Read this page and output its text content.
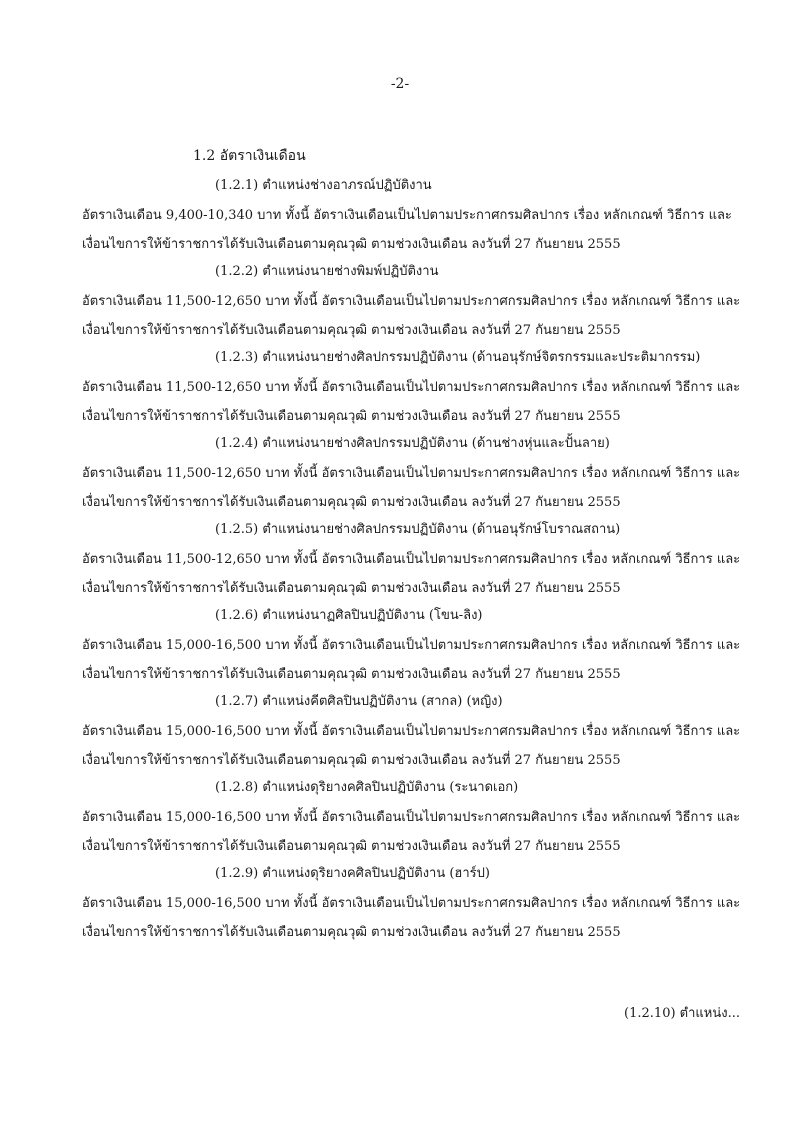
-2-
1.2 อัตราเงินเดือน
(1.2.1) ตำแหน่งช่างอาภรณ์ปฏิบัติงาน
อัตราเงินเดือน 9,400-10,340 บาท ทั้งนี้ อัตราเงินเดือนเป็นไปตามประกาศกรมศิลปากร เรื่อง หลักเกณฑ์ วิธีการ และ
เงื่อนไขการให้ข้าราชการได้รับเงินเดือนตามคุณวุฒิ ตามช่วงเงินเดือน ลงวันที่ 27 กันยายน 2555
(1.2.2) ตำแหน่งนายช่างพิมพ์ปฏิบัติงาน
อัตราเงินเดือน 11,500-12,650 บาท ทั้งนี้ อัตราเงินเดือนเป็นไปตามประกาศกรมศิลปากร เรื่อง หลักเกณฑ์ วิธีการ และ
เงื่อนไขการให้ข้าราชการได้รับเงินเดือนตามคุณวุฒิ ตามช่วงเงินเดือน ลงวันที่ 27 กันยายน 2555
(1.2.3) ตำแหน่งนายช่างศิลปกรรมปฏิบัติงาน (ด้านอนุรักษ์จิตรกรรมและประติมากรรม)
อัตราเงินเดือน 11,500-12,650 บาท ทั้งนี้ อัตราเงินเดือนเป็นไปตามประกาศกรมศิลปากร เรื่อง หลักเกณฑ์ วิธีการ และ
เงื่อนไขการให้ข้าราชการได้รับเงินเดือนตามคุณวุฒิ ตามช่วงเงินเดือน ลงวันที่ 27 กันยายน 2555
(1.2.4) ตำแหน่งนายช่างศิลปกรรมปฏิบัติงาน (ด้านช่างหุ่นและปั้นลาย)
อัตราเงินเดือน 11,500-12,650 บาท ทั้งนี้ อัตราเงินเดือนเป็นไปตามประกาศกรมศิลปากร เรื่อง หลักเกณฑ์ วิธีการ และ
เงื่อนไขการให้ข้าราชการได้รับเงินเดือนตามคุณวุฒิ ตามช่วงเงินเดือน ลงวันที่ 27 กันยายน 2555
(1.2.5) ตำแหน่งนายช่างศิลปกรรมปฏิบัติงาน (ด้านอนุรักษ์โบราณสถาน)
อัตราเงินเดือน 11,500-12,650 บาท ทั้งนี้ อัตราเงินเดือนเป็นไปตามประกาศกรมศิลปากร เรื่อง หลักเกณฑ์ วิธีการ และ
เงื่อนไขการให้ข้าราชการได้รับเงินเดือนตามคุณวุฒิ ตามช่วงเงินเดือน ลงวันที่ 27 กันยายน 2555
(1.2.6) ตำแหน่งนาฏศิลปินปฏิบัติงาน (โขน-ลิง)
อัตราเงินเดือน 15,000-16,500 บาท ทั้งนี้ อัตราเงินเดือนเป็นไปตามประกาศกรมศิลปากร เรื่อง หลักเกณฑ์ วิธีการ และ
เงื่อนไขการให้ข้าราชการได้รับเงินเดือนตามคุณวุฒิ ตามช่วงเงินเดือน ลงวันที่ 27 กันยายน 2555
(1.2.7) ตำแหน่งคีตศิลปินปฏิบัติงาน (สากล) (หญิง)
อัตราเงินเดือน 15,000-16,500 บาท ทั้งนี้ อัตราเงินเดือนเป็นไปตามประกาศกรมศิลปากร เรื่อง หลักเกณฑ์ วิธีการ และ
เงื่อนไขการให้ข้าราชการได้รับเงินเดือนตามคุณวุฒิ ตามช่วงเงินเดือน ลงวันที่ 27 กันยายน 2555
(1.2.8) ตำแหน่งดุริยางคศิลปินปฏิบัติงาน (ระนาดเอก)
อัตราเงินเดือน 15,000-16,500 บาท ทั้งนี้ อัตราเงินเดือนเป็นไปตามประกาศกรมศิลปากร เรื่อง หลักเกณฑ์ วิธีการ และ
เงื่อนไขการให้ข้าราชการได้รับเงินเดือนตามคุณวุฒิ ตามช่วงเงินเดือน ลงวันที่ 27 กันยายน 2555
(1.2.9) ตำแหน่งดุริยางคศิลปินปฏิบัติงาน (ฮาร์ป)
อัตราเงินเดือน 15,000-16,500 บาท ทั้งนี้ อัตราเงินเดือนเป็นไปตามประกาศกรมศิลปากร เรื่อง หลักเกณฑ์ วิธีการ และ
เงื่อนไขการให้ข้าราชการได้รับเงินเดือนตามคุณวุฒิ ตามช่วงเงินเดือน ลงวันที่ 27 กันยายน 2555
(1.2.10) ตำแหน่ง...
